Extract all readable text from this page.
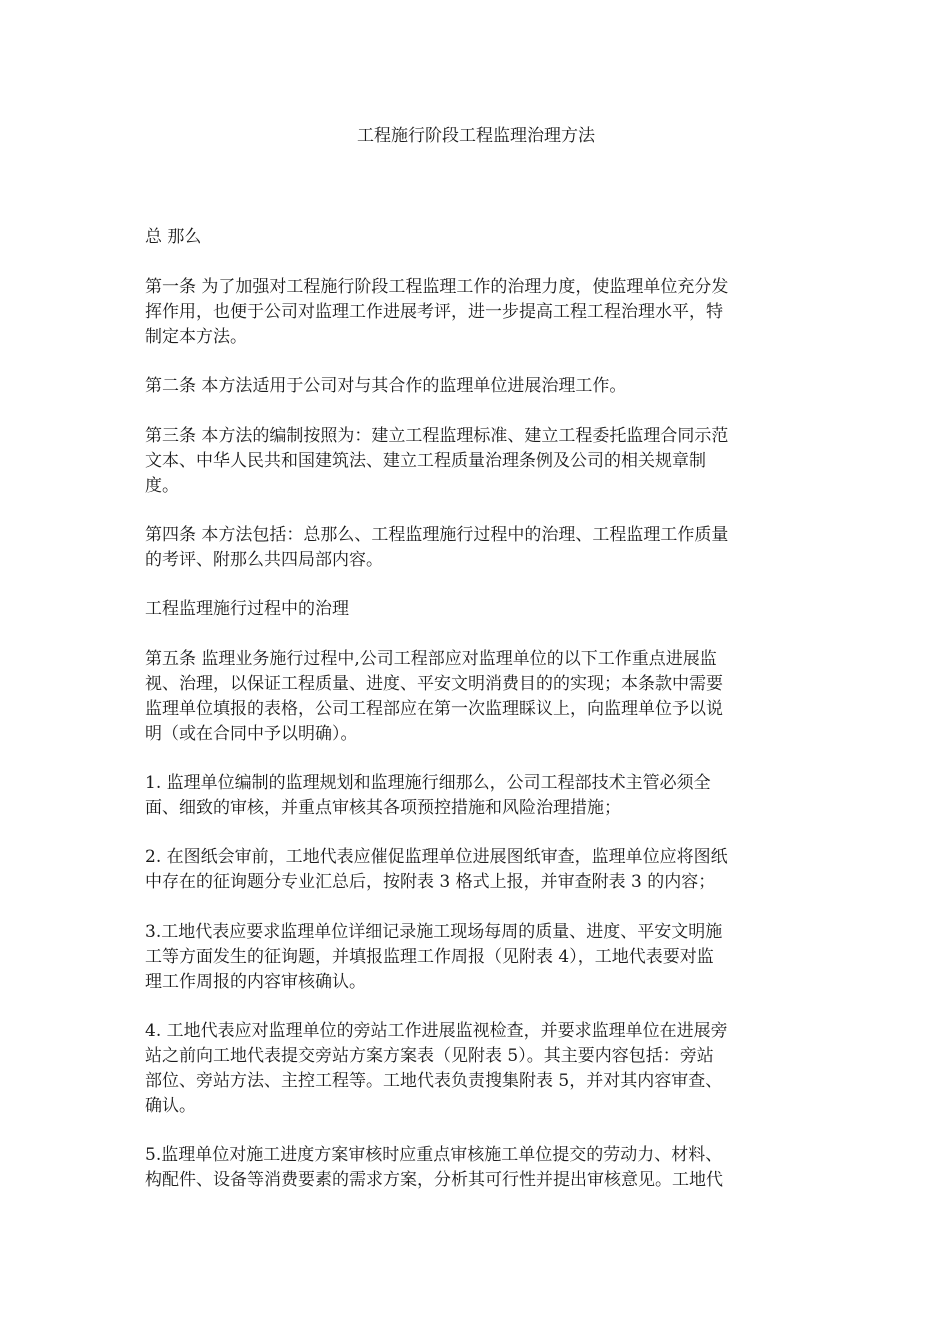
工程施行阶段工程监理治理方法
总 那么
第一条 为了加强对工程施行阶段工程监理工作的治理力度，使监理单位充分发
挥作用，也便于公司对监理工作进展考评，进一步提高工程工程治理水平，特
制定本方法。
第二条 本方法适用于公司对与其合作的监理单位进展治理工作。
第三条 本方法的编制按照为：建立工程监理标准、建立工程委托监理合同示范
文本、中华人民共和国建筑法、建立工程质量治理条例及公司的相关规章制
度。
第四条 本方法包括：总那么、工程监理施行过程中的治理、工程监理工作质量
的考评、附那么共四局部内容。
工程监理施行过程中的治理
第五条 监理业务施行过程中,公司工程部应对监理单位的以下工作重点进展监
视、治理，以保证工程质量、进度、平安文明消费目的的实现；本条款中需要
监理单位填报的表格，公司工程部应在第一次监理睬议上，向监理单位予以说
明（或在合同中予以明确）。
1. 监理单位编制的监理规划和监理施行细那么，公司工程部技术主管必须全
面、细致的审核，并重点审核其各项预控措施和风险治理措施；
2. 在图纸会审前，工地代表应催促监理单位进展图纸审查，监理单位应将图纸
中存在的征询题分专业汇总后，按附表 3 格式上报，并审查附表 3 的内容；
3.工地代表应要求监理单位详细记录施工现场每周的质量、进度、平安文明施
工等方面发生的征询题，并填报监理工作周报（见附表 4），工地代表要对监
理工作周报的内容审核确认。
4. 工地代表应对监理单位的旁站工作进展监视检查，并要求监理单位在进展旁
站之前向工地代表提交旁站方案方案表（见附表 5）。其主要内容包括：旁站
部位、旁站方法、主控工程等。工地代表负责搜集附表 5，并对其内容审查、
确认。
5.监理单位对施工进度方案审核时应重点审核施工单位提交的劳动力、材料、
构配件、设备等消费要素的需求方案，分析其可行性并提出审核意见。工地代
